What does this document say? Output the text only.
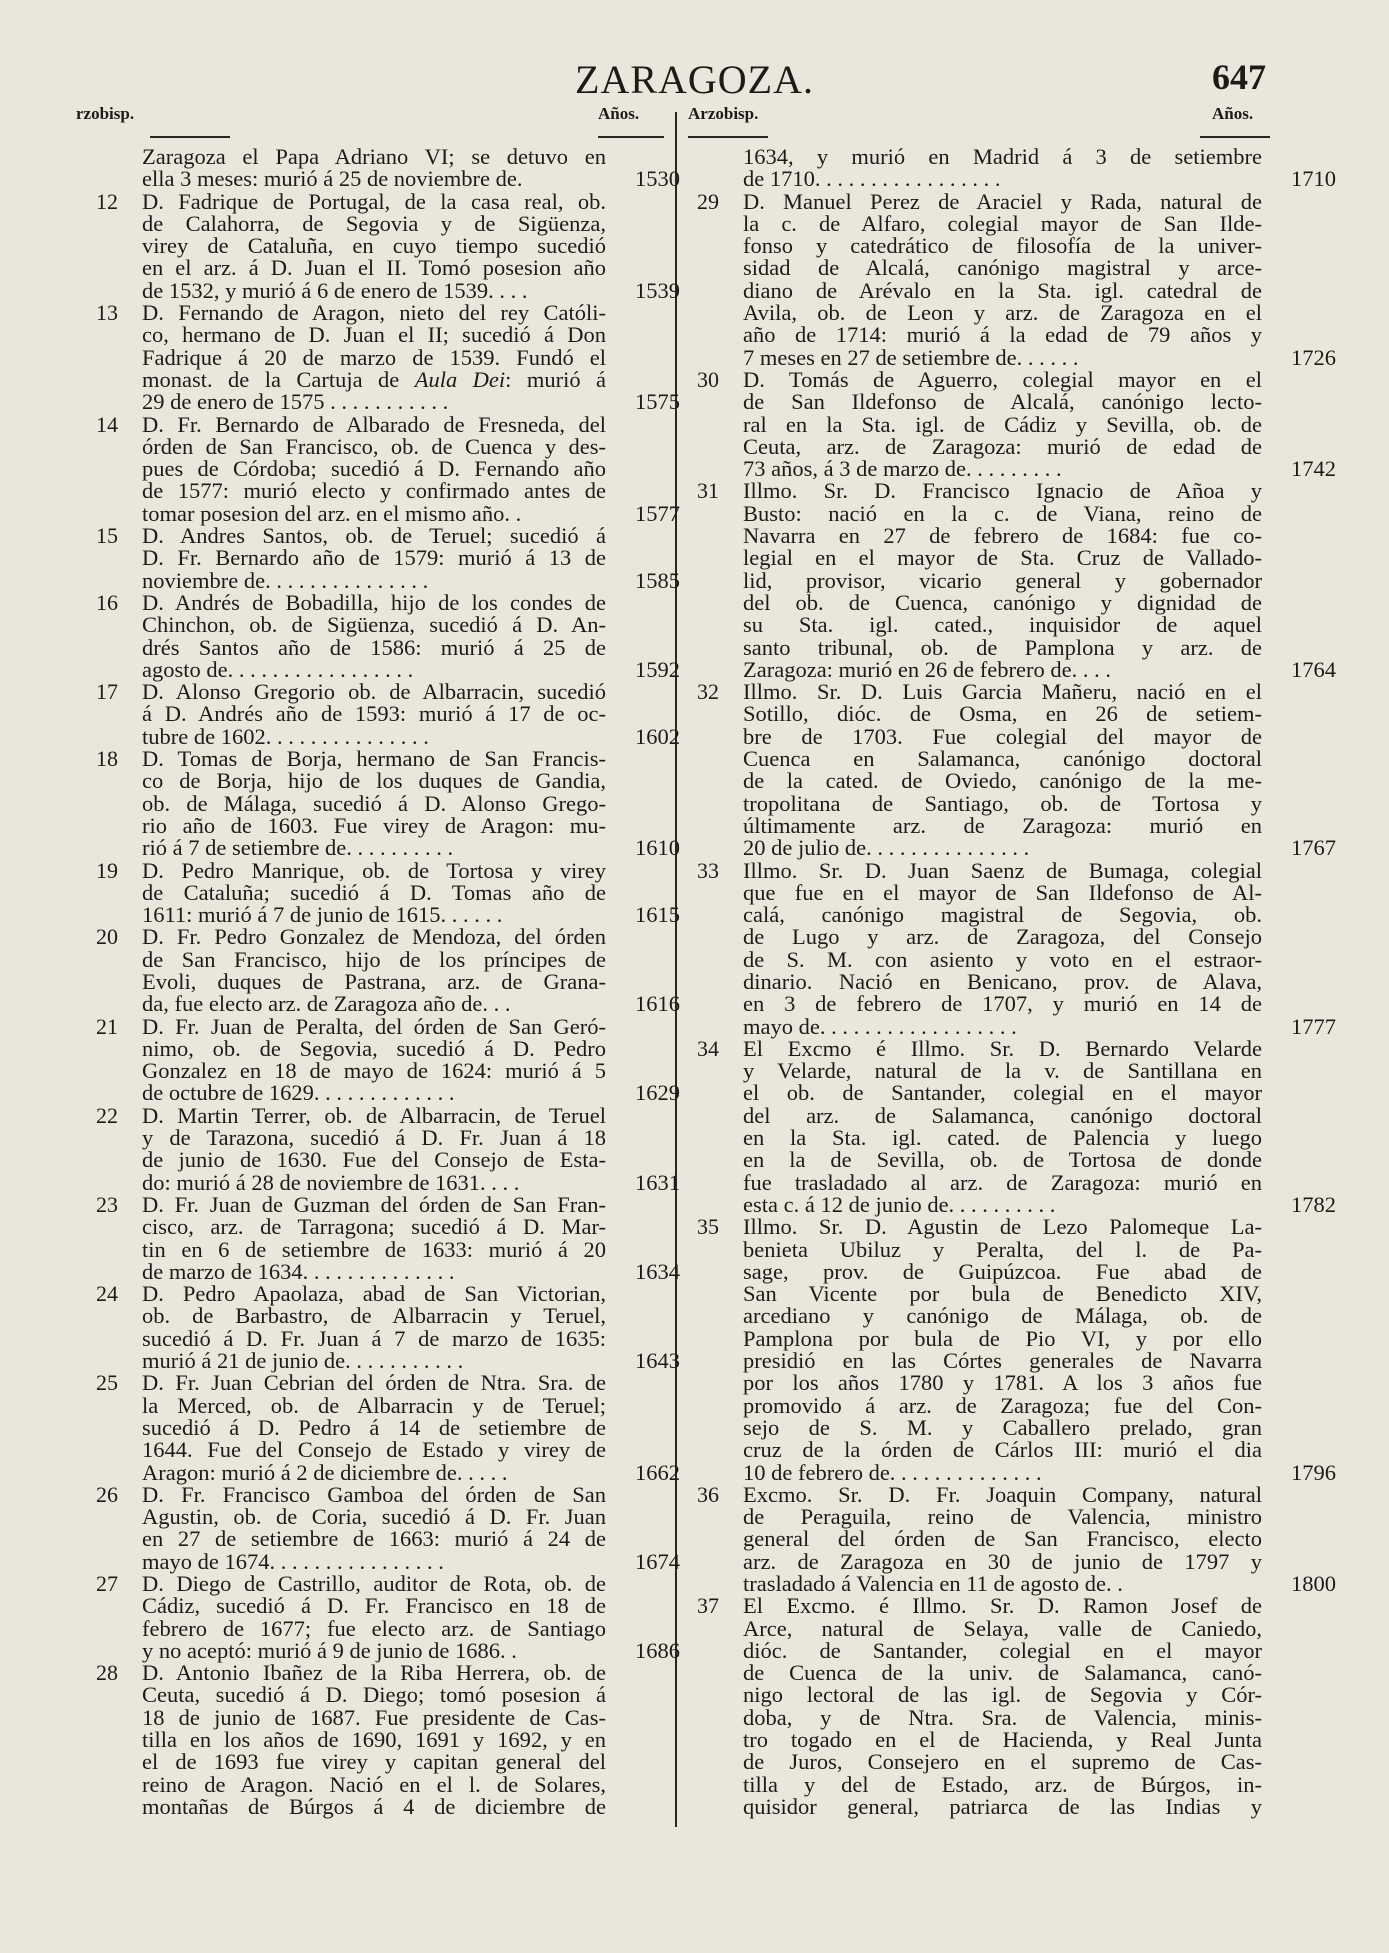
ZARAGOZA.	647
rzobisp.	Años.	Arzobisp.	Años.
Zaragoza el Papa Adriano VI; se detuvo en
ella 3 meses: murió á 25 de noviembre de.	1530
12	D. Fadrique de Portugal, de la casa real, ob.
de Calahorra, de Segovia y de Sigüenza,
virey de Cataluña, en cuyo tiempo sucedió
en el arz. á D. Juan el II. Tomó posesion año
de 1532, y murió á 6 de enero de 1539. . . .	1539
13	D. Fernando de Aragon, nieto del rey Católi-
co, hermano de D. Juan el II; sucedió á Don
Fadrique á 20 de marzo de 1539. Fundó el
monast. de la Cartuja de Aula Dei: murió á
29 de enero de 1575 . . . . . . . . . . .	1575
14	D. Fr. Bernardo de Albarado de Fresneda, del
órden de San Francisco, ob. de Cuenca y des-
pues de Córdoba; sucedió á D. Fernando año
de 1577: murió electo y confirmado antes de
tomar posesion del arz. en el mismo año. .	1577
15	D. Andres Santos, ob. de Teruel; sucedió á
D. Fr. Bernardo año de 1579: murió á 13 de
noviembre de. . . . . . . . . . . . . . .	1585
16	D. Andrés de Bobadilla, hijo de los condes de
Chinchon, ob. de Sigüenza, sucedió á D. An-
drés Santos año de 1586: murió á 25 de
agosto de. . . . . . . . . . . . . . . . .	1592
17	D. Alonso Gregorio ob. de Albarracin, sucedió
á D. Andrés año de 1593: murió á 17 de oc-
tubre de 1602. . . . . . . . . . . . . . .	1602
18	D. Tomas de Borja, hermano de San Francis-
co de Borja, hijo de los duques de Gandia,
ob. de Málaga, sucedió á D. Alonso Grego-
rio año de 1603. Fue virey de Aragon: mu-
rió á 7 de setiembre de. . . . . . . . . .	1610
19	D. Pedro Manrique, ob. de Tortosa y virey
de Cataluña; sucedió á D. Tomas año de
1611: murió á 7 de junio de 1615. . . . . .	1615
20	D. Fr. Pedro Gonzalez de Mendoza, del órden
de San Francisco, hijo de los príncipes de
Evoli, duques de Pastrana, arz. de Grana-
da, fue electo arz. de Zaragoza año de. . .	1616
21	D. Fr. Juan de Peralta, del órden de San Geró-
nimo, ob. de Segovia, sucedió á D. Pedro
Gonzalez en 18 de mayo de 1624: murió á 5
de octubre de 1629. . . . . . . . . . . . .	1629
22	D. Martin Terrer, ob. de Albarracin, de Teruel
y de Tarazona, sucedió á D. Fr. Juan á 18
de junio de 1630. Fue del Consejo de Esta-
do: murió á 28 de noviembre de 1631. . . .	1631
23	D. Fr. Juan de Guzman del órden de San Fran-
cisco, arz. de Tarragona; sucedió á D. Mar-
tin en 6 de setiembre de 1633: murió á 20
de marzo de 1634. . . . . . . . . . . . . .	1634
24	D. Pedro Apaolaza, abad de San Victorian,
ob. de Barbastro, de Albarracin y Teruel,
sucedió á D. Fr. Juan á 7 de marzo de 1635:
murió á 21 de junio de. . . . . . . . . . .	1643
25	D. Fr. Juan Cebrian del órden de Ntra. Sra. de
la Merced, ob. de Albarracin y de Teruel;
sucedió á D. Pedro á 14 de setiembre de
1644. Fue del Consejo de Estado y virey de
Aragon: murió á 2 de diciembre de. . . . .	1662
26	D. Fr. Francisco Gamboa del órden de San
Agustin, ob. de Coria, sucedió á D. Fr. Juan
en 27 de setiembre de 1663: murió á 24 de
mayo de 1674. . . . . . . . . . . . . . . .	1674
27	D. Diego de Castrillo, auditor de Rota, ob. de
Cádiz, sucedió á D. Fr. Francisco en 18 de
febrero de 1677; fue electo arz. de Santiago
y no aceptó: murió á 9 de junio de 1686. .	1686
28	D. Antonio Ibañez de la Riba Herrera, ob. de
Ceuta, sucedió á D. Diego; tomó posesion á
18 de junio de 1687. Fue presidente de Cas-
tilla en los años de 1690, 1691 y 1692, y en
el de 1693 fue virey y capitan general del
reino de Aragon. Nació en el l. de Solares,
montañas de Búrgos á 4 de diciembre de
1634, y murió en Madrid á 3 de setiembre
de 1710. . . . . . . . . . . . . . . . .	1710
29	D. Manuel Perez de Araciel y Rada, natural de
la c. de Alfaro, colegial mayor de San Ilde-
fonso y catedrático de filosofía de la univer-
sidad de Alcalá, canónigo magistral y arce-
diano de Arévalo en la Sta. igl. catedral de
Avila, ob. de Leon y arz. de Zaragoza en el
año de 1714: murió á la edad de 79 años y
7 meses en 27 de setiembre de. . . . . .	1726
30	D. Tomás de Aguerro, colegial mayor en el
de San Ildefonso de Alcalá, canónigo lecto-
ral en la Sta. igl. de Cádiz y Sevilla, ob. de
Ceuta, arz. de Zaragoza: murió de edad de
73 años, á 3 de marzo de. . . . . . . . .	1742
31	Illmo. Sr. D. Francisco Ignacio de Añoa y
Busto: nació en la c. de Viana, reino de
Navarra en 27 de febrero de 1684: fue co-
legial en el mayor de Sta. Cruz de Vallado-
lid, provisor, vicario general y gobernador
del ob. de Cuenca, canónigo y dignidad de
su Sta. igl. cated., inquisidor de aquel
santo tribunal, ob. de Pamplona y arz. de
Zaragoza: murió en 26 de febrero de. . . .	1764
32	Illmo. Sr. D. Luis Garcia Mañeru, nació en el
Sotillo, dióc. de Osma, en 26 de setiem-
bre de 1703. Fue colegial del mayor de
Cuenca en Salamanca, canónigo doctoral
de la cated. de Oviedo, canónigo de la me-
tropolitana de Santiago, ob. de Tortosa y
últimamente arz. de Zaragoza: murió en
20 de julio de. . . . . . . . . . . . . . .	1767
33	Illmo. Sr. D. Juan Saenz de Bumaga, colegial
que fue en el mayor de San Ildefonso de Al-
calá, canónigo magistral de Segovia, ob.
de Lugo y arz. de Zaragoza, del Consejo
de S. M. con asiento y voto en el estraor-
dinario. Nació en Benicano, prov. de Alava,
en 3 de febrero de 1707, y murió en 14 de
mayo de. . . . . . . . . . . . . . . . . .	1777
34	El Excmo é Illmo. Sr. D. Bernardo Velarde
y Velarde, natural de la v. de Santillana en
el ob. de Santander, colegial en el mayor
del arz. de Salamanca, canónigo doctoral
en la Sta. igl. cated. de Palencia y luego
en la de Sevilla, ob. de Tortosa de donde
fue trasladado al arz. de Zaragoza: murió en
esta c. á 12 de junio de. . . . . . . . . .	1782
35	Illmo. Sr. D. Agustin de Lezo Palomeque La-
benieta Ubiluz y Peralta, del l. de Pa-
sage, prov. de Guipúzcoa. Fue abad de
San Vicente por bula de Benedicto XIV,
arcediano y canónigo de Málaga, ob. de
Pamplona por bula de Pio VI, y por ello
presidió en las Córtes generales de Navarra
por los años 1780 y 1781. A los 3 años fue
promovido á arz. de Zaragoza; fue del Con-
sejo de S. M. y Caballero prelado, gran
cruz de la órden de Cárlos III: murió el dia
10 de febrero de. . . . . . . . . . . . . .	1796
36	Excmo. Sr. D. Fr. Joaquin Company, natural
de Peraguila, reino de Valencia, ministro
general del órden de San Francisco, electo
arz. de Zaragoza en 30 de junio de 1797 y
trasladado á Valencia en 11 de agosto de. .	1800
37	El Excmo. é Illmo. Sr. D. Ramon Josef de
Arce, natural de Selaya, valle de Caniedo,
dióc. de Santander, colegial en el mayor
de Cuenca de la univ. de Salamanca, canó-
nigo lectoral de las igl. de Segovia y Cór-
doba, y de Ntra. Sra. de Valencia, minis-
tro togado en el de Hacienda, y Real Junta
de Juros, Consejero en el supremo de Cas-
tilla y del de Estado, arz. de Búrgos, in-
quisidor general, patriarca de las Indias y
